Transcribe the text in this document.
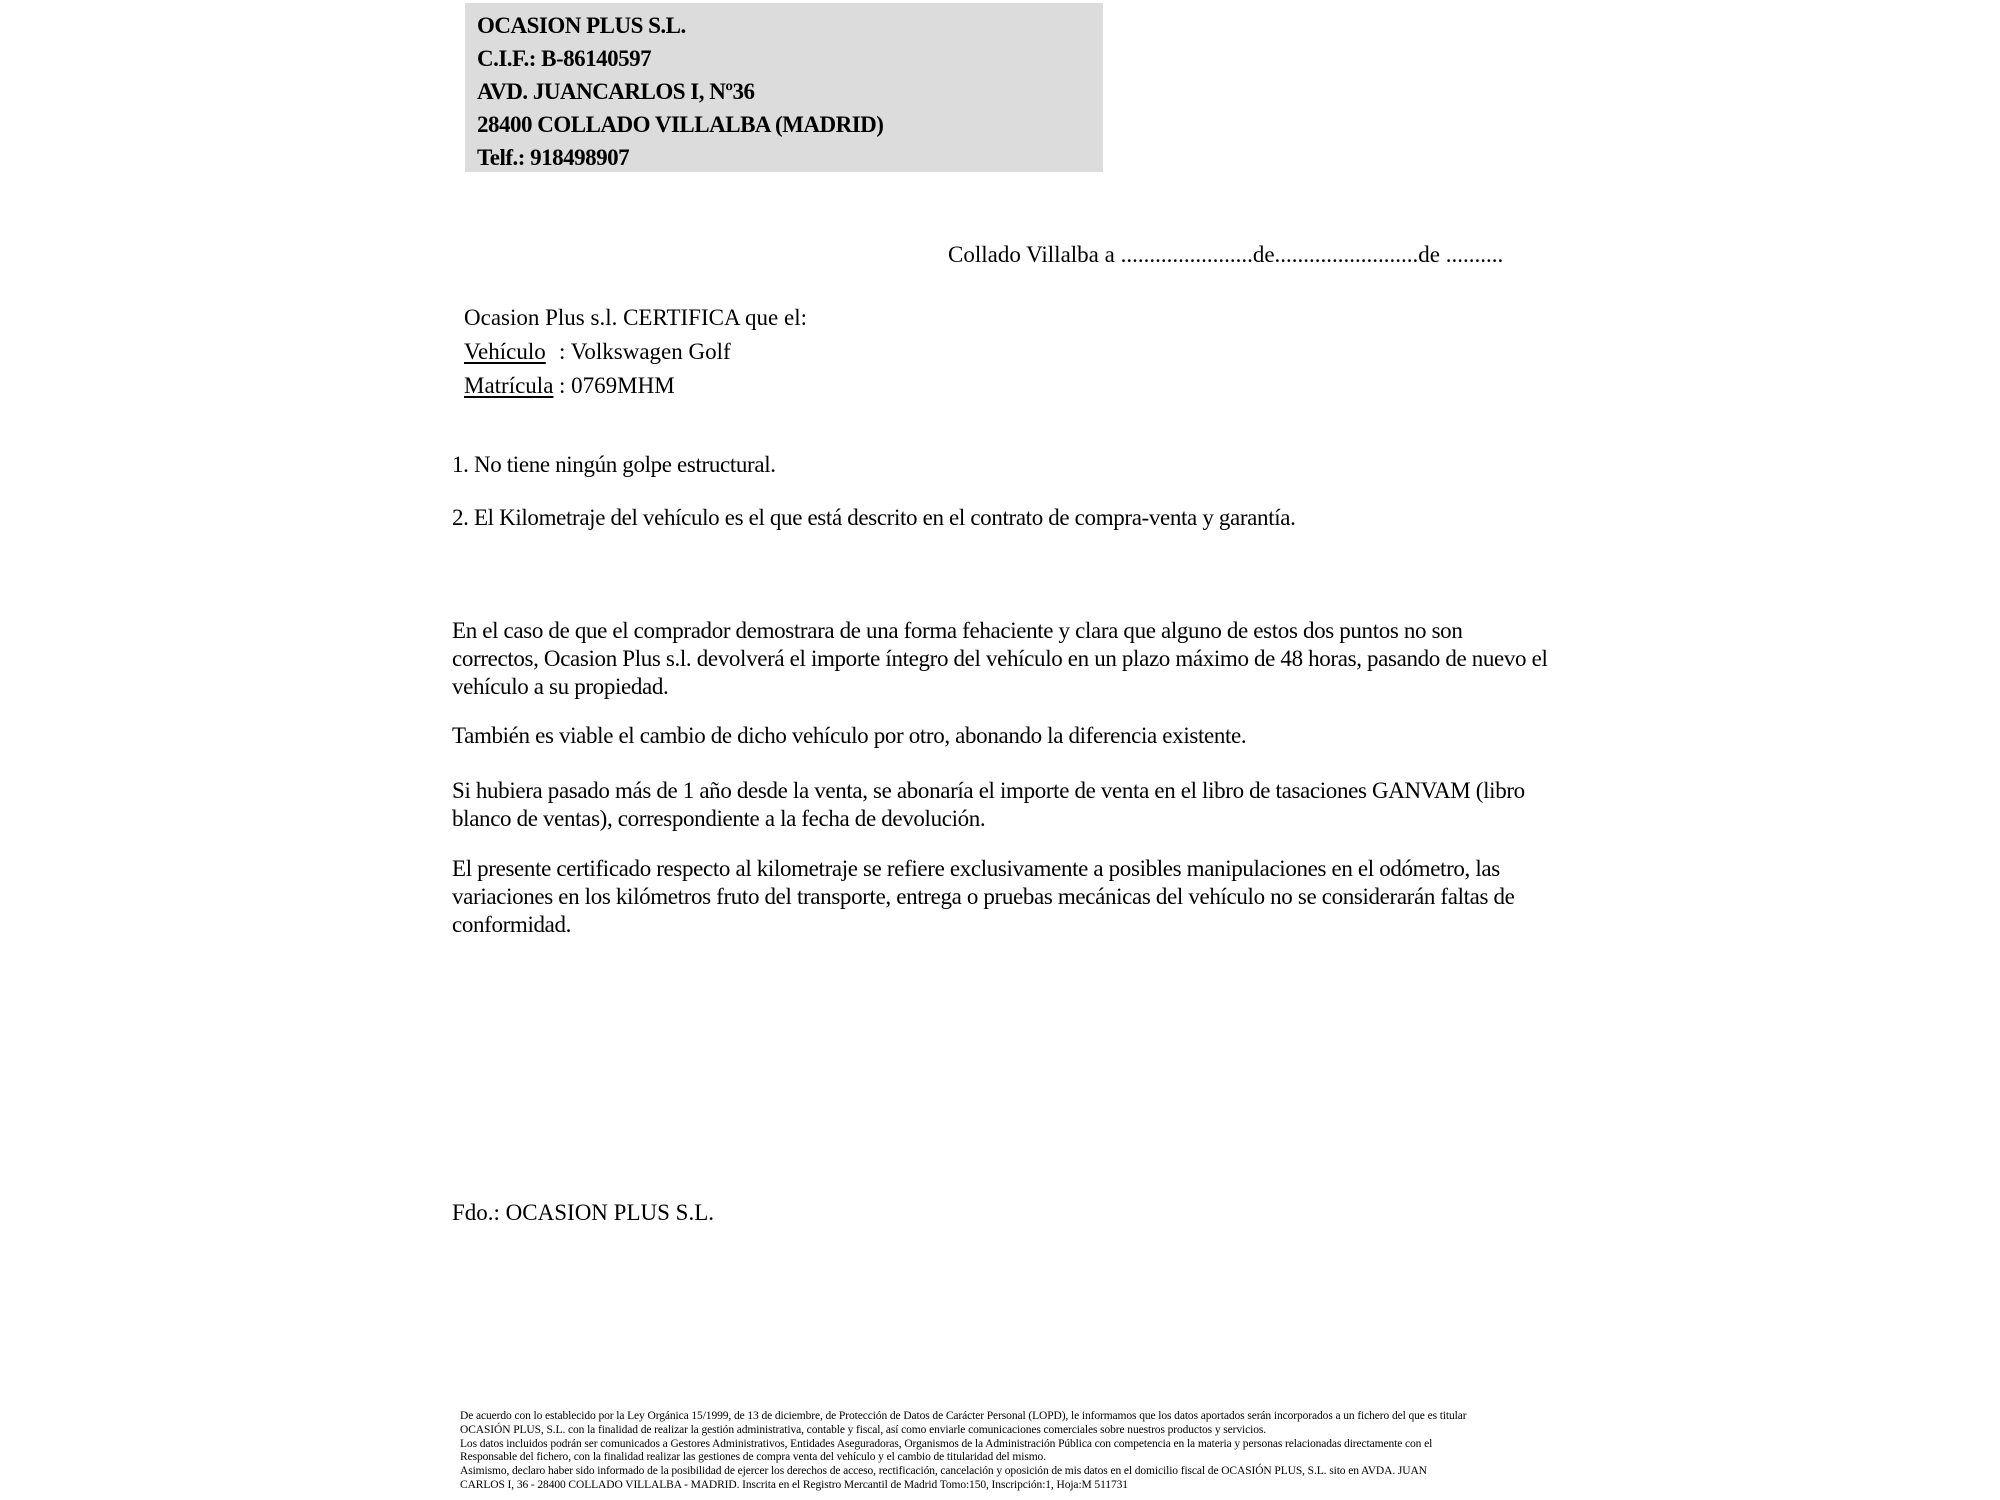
OCASION PLUS S.L.
C.I.F.: B-86140597
AVD. JUANCARLOS I, Nº36
28400 COLLADO VILLALBA (MADRID)
Telf.: 918498907
Collado Villalba a .......................de.........................de ..........
Ocasion Plus s.l. CERTIFICA que el:
Vehículo : Volkswagen Golf
Matrícula : 0769MHM
1. No tiene ningún golpe estructural.
2. El Kilometraje del vehículo es el que está descrito en el contrato de compra-venta y garantía.
En el caso de que el comprador demostrara de una forma fehaciente y clara que alguno de estos dos puntos no son correctos, Ocasion Plus s.l. devolverá el importe íntegro del vehículo en un plazo máximo de 48 horas, pasando de nuevo el vehículo a su propiedad.
También es viable el cambio de dicho vehículo por otro, abonando la diferencia existente.
Si hubiera pasado más de 1 año desde la venta, se abonaría el importe de venta en el libro de tasaciones GANVAM (libro blanco de ventas), correspondiente a la fecha de devolución.
El presente certificado respecto al kilometraje se refiere exclusivamente a posibles manipulaciones en el odómetro, las variaciones en los kilómetros fruto del transporte, entrega o pruebas mecánicas del vehículo no se considerarán faltas de conformidad.
Fdo.: OCASION PLUS S.L.
De acuerdo con lo establecido por la Ley Orgánica 15/1999, de 13 de diciembre, de Protección de Datos de Carácter Personal (LOPD), le informamos que los datos aportados serán incorporados a un fichero del que es titular
OCASIÓN PLUS, S.L. con la finalidad de realizar la gestión administrativa, contable y fiscal, así como enviarle comunicaciones comerciales sobre nuestros productos y servicios.
Los datos incluidos podrán ser comunicados a Gestores Administrativos, Entidades Aseguradoras, Organismos de la Administración Pública con competencia en la materia y personas relacionadas directamente con el
Responsable del fichero, con la finalidad realizar las gestiones de compra venta del vehículo y el cambio de titularidad del mismo.
Asimismo, declaro haber sido informado de la posibilidad de ejercer los derechos de acceso, rectificación, cancelación y oposición de mis datos en el domicilio fiscal de OCASIÓN PLUS, S.L. sito en AVDA. JUAN
CARLOS I, 36 - 28400 COLLADO VILLALBA - MADRID. Inscrita en el Registro Mercantil de Madrid Tomo:150, Inscripción:1, Hoja:M 511731
